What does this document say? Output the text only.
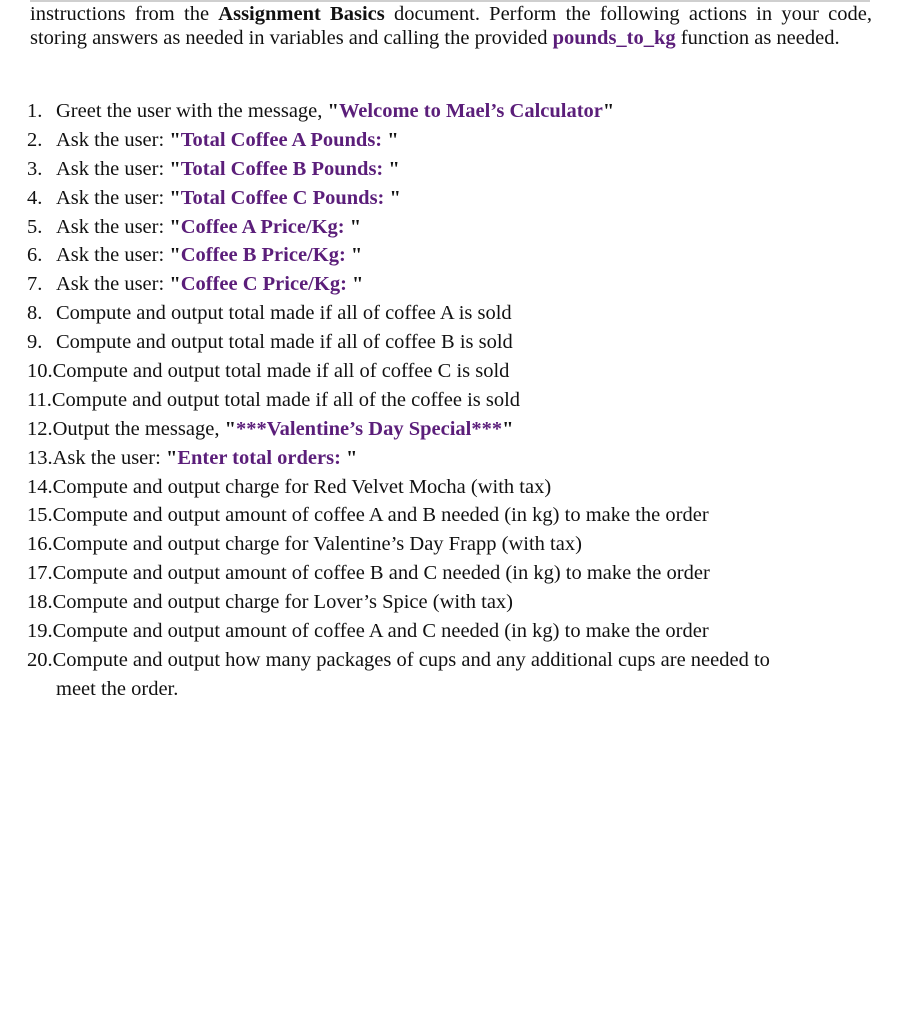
instructions from the Assignment Basics document. Perform the following actions in your code, storing answers as needed in variables and calling the provided pounds_to_kg function as needed.

1. Greet the user with the message, "Welcome to Mael’s Calculator"
2. Ask the user: "Total Coffee A Pounds: "
3. Ask the user: "Total Coffee B Pounds: "
4. Ask the user: "Total Coffee C Pounds: "
5. Ask the user: "Coffee A Price/Kg: "
6. Ask the user: "Coffee B Price/Kg: "
7. Ask the user: "Coffee C Price/Kg: "
8. Compute and output total made if all of coffee A is sold
9. Compute and output total made if all of coffee B is sold
10.Compute and output total made if all of coffee C is sold
11.Compute and output total made if all of the coffee is sold
12.Output the message, "***Valentine’s Day Special***"
13.Ask the user: "Enter total orders: "
14.Compute and output charge for Red Velvet Mocha (with tax)
15.Compute and output amount of coffee A and B needed (in kg) to make the order
16.Compute and output charge for Valentine’s Day Frapp (with tax)
17.Compute and output amount of coffee B and C needed (in kg) to make the order
18.Compute and output charge for Lover’s Spice (with tax)
19.Compute and output amount of coffee A and C needed (in kg) to make the order
20.Compute and output how many packages of cups and any additional cups are needed to
meet the order.
